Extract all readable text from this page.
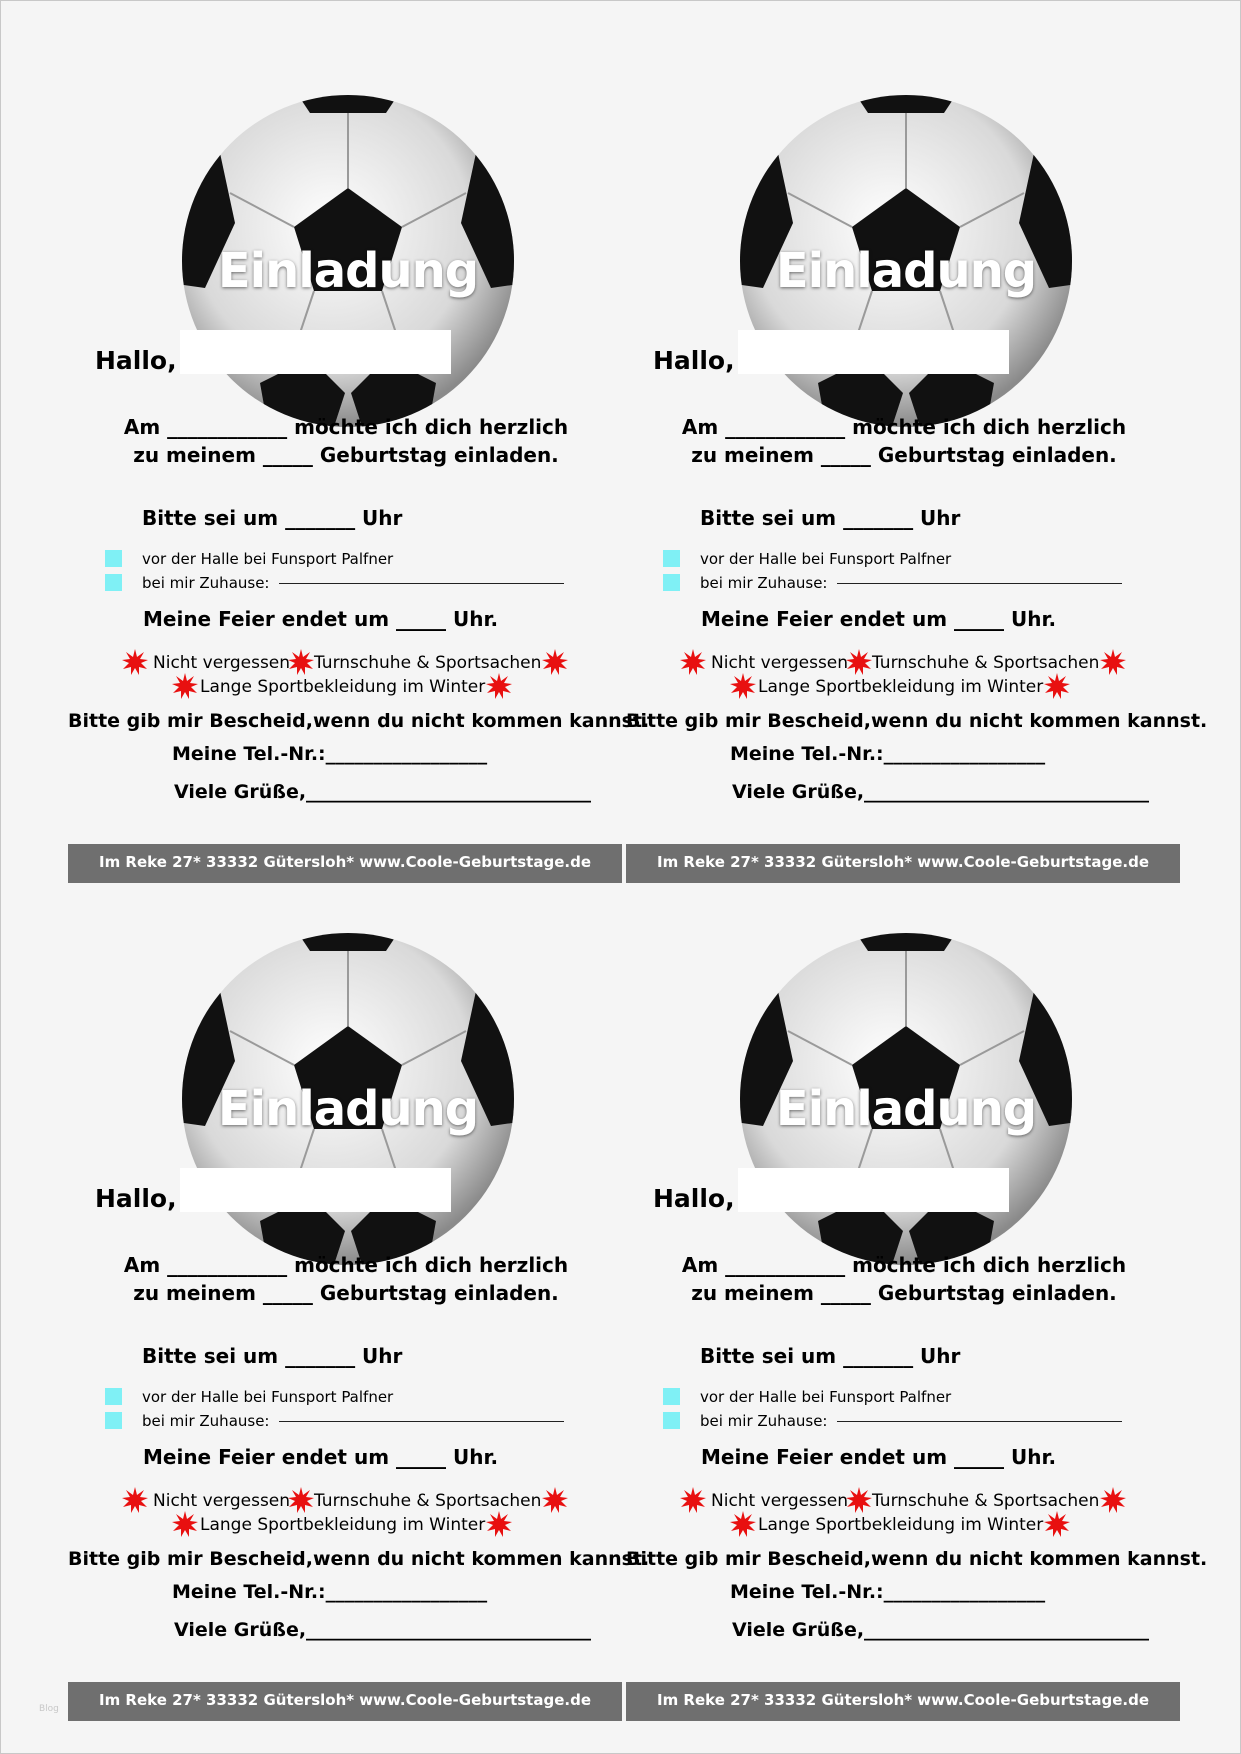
Einladung
Hallo,
Am ____________ möchte ich dich herzlich
zu meinem _____ Geburtstag einladen.
Bitte sei um _______ Uhr
vor der Halle bei Funsport Palfner
bei mir Zuhause:
Meine Feier endet um _____ Uhr.
Nicht vergessen Turnschuhe & Sportsachen
Lange Sportbekleidung im Winter
Bitte gib mir Bescheid,wenn du nicht kommen kannst.
Meine Tel.-Nr.:_________________
Viele Grüße,______________________________
Im Reke 27* 33332 Gütersloh* www.Coole-Geburtstage.de
Einladung
Hallo,
Am ____________ möchte ich dich herzlich
zu meinem _____ Geburtstag einladen.
Bitte sei um _______ Uhr
vor der Halle bei Funsport Palfner
bei mir Zuhause:
Meine Feier endet um _____ Uhr.
Nicht vergessen Turnschuhe & Sportsachen
Lange Sportbekleidung im Winter
Bitte gib mir Bescheid,wenn du nicht kommen kannst.
Meine Tel.-Nr.:_________________
Viele Grüße,______________________________
Im Reke 27* 33332 Gütersloh* www.Coole-Geburtstage.de
Einladung
Hallo,
Am ____________ möchte ich dich herzlich
zu meinem _____ Geburtstag einladen.
Bitte sei um _______ Uhr
vor der Halle bei Funsport Palfner
bei mir Zuhause:
Meine Feier endet um _____ Uhr.
Nicht vergessen Turnschuhe & Sportsachen
Lange Sportbekleidung im Winter
Bitte gib mir Bescheid,wenn du nicht kommen kannst.
Meine Tel.-Nr.:_________________
Viele Grüße,______________________________
Im Reke 27* 33332 Gütersloh* www.Coole-Geburtstage.de
Einladung
Hallo,
Am ____________ möchte ich dich herzlich
zu meinem _____ Geburtstag einladen.
Bitte sei um _______ Uhr
vor der Halle bei Funsport Palfner
bei mir Zuhause:
Meine Feier endet um _____ Uhr.
Nicht vergessen Turnschuhe & Sportsachen
Lange Sportbekleidung im Winter
Bitte gib mir Bescheid,wenn du nicht kommen kannst.
Meine Tel.-Nr.:_________________
Viele Grüße,______________________________
Im Reke 27* 33332 Gütersloh* www.Coole-Geburtstage.de
Blog
